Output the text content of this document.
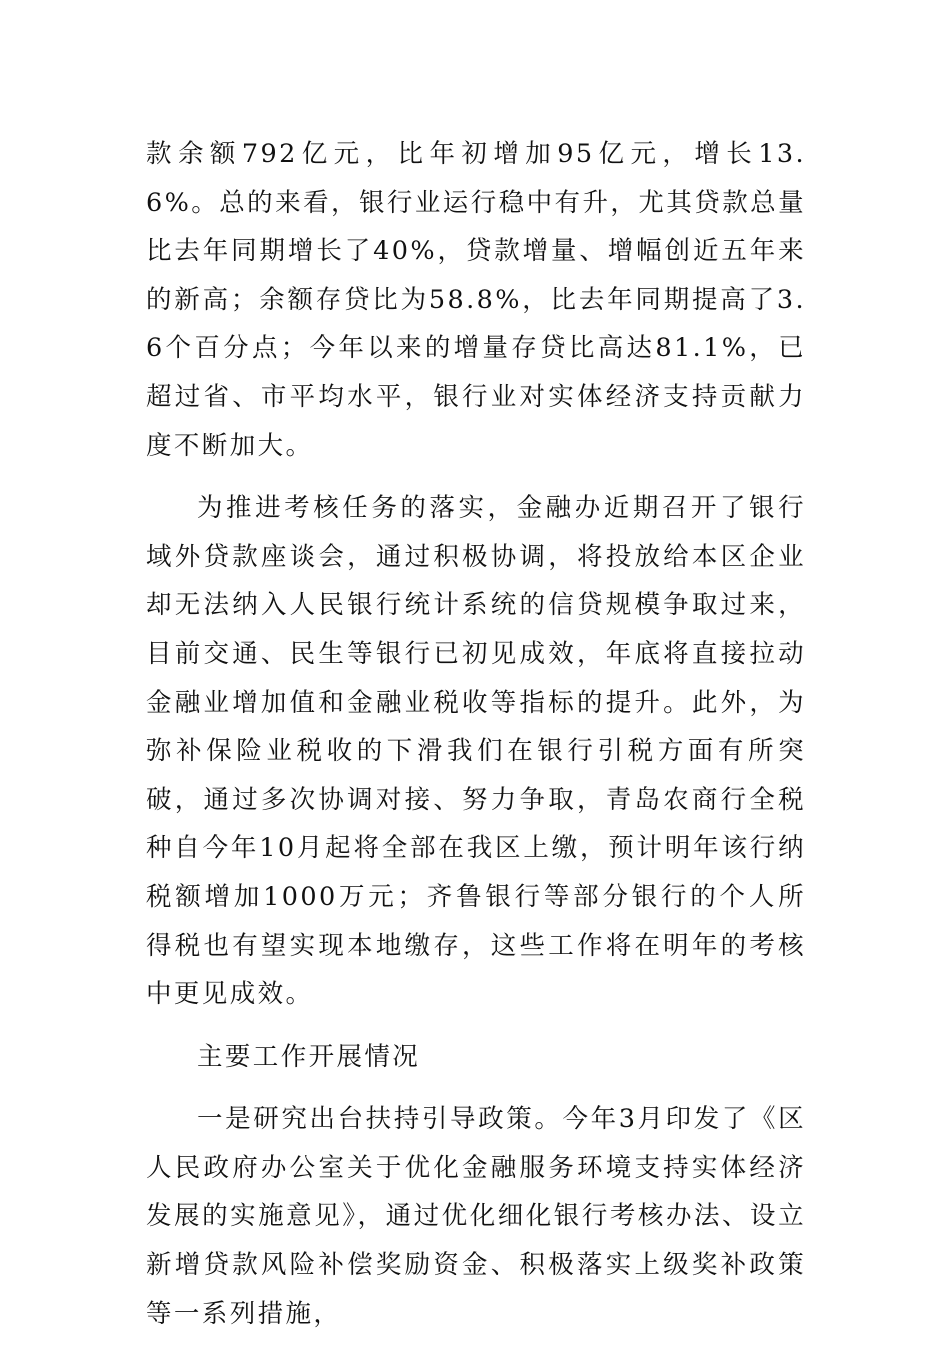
款余额792亿元，比年初增加95亿元，增长13.6%。总的来看，银行业运行稳中有升，尤其贷款总量比去年同期增长了40%，贷款增量、增幅创近五年来的新高；余额存贷比为58.8%，比去年同期提高了3.6个百分点；今年以来的增量存贷比高达81.1%，已超过省、市平均水平，银行业对实体经济支持贡献力度不断加大。

为推进考核任务的落实，金融办近期召开了银行域外贷款座谈会，通过积极协调，将投放给本区企业却无法纳入人民银行统计系统的信贷规模争取过来，目前交通、民生等银行已初见成效，年底将直接拉动金融业增加值和金融业税收等指标的提升。此外，为弥补保险业税收的下滑我们在银行引税方面有所突破，通过多次协调对接、努力争取，青岛农商行全税种自今年10月起将全部在我区上缴，预计明年该行纳税额增加1000万元；齐鲁银行等部分银行的个人所得税也有望实现本地缴存，这些工作将在明年的考核中更见成效。

主要工作开展情况

一是研究出台扶持引导政策。今年3月印发了《区人民政府办公室关于优化金融服务环境支持实体经济发展的实施意见》，通过优化细化银行考核办法、设立新增贷款风险补偿奖励资金、积极落实上级奖补政策等一系列措施，
